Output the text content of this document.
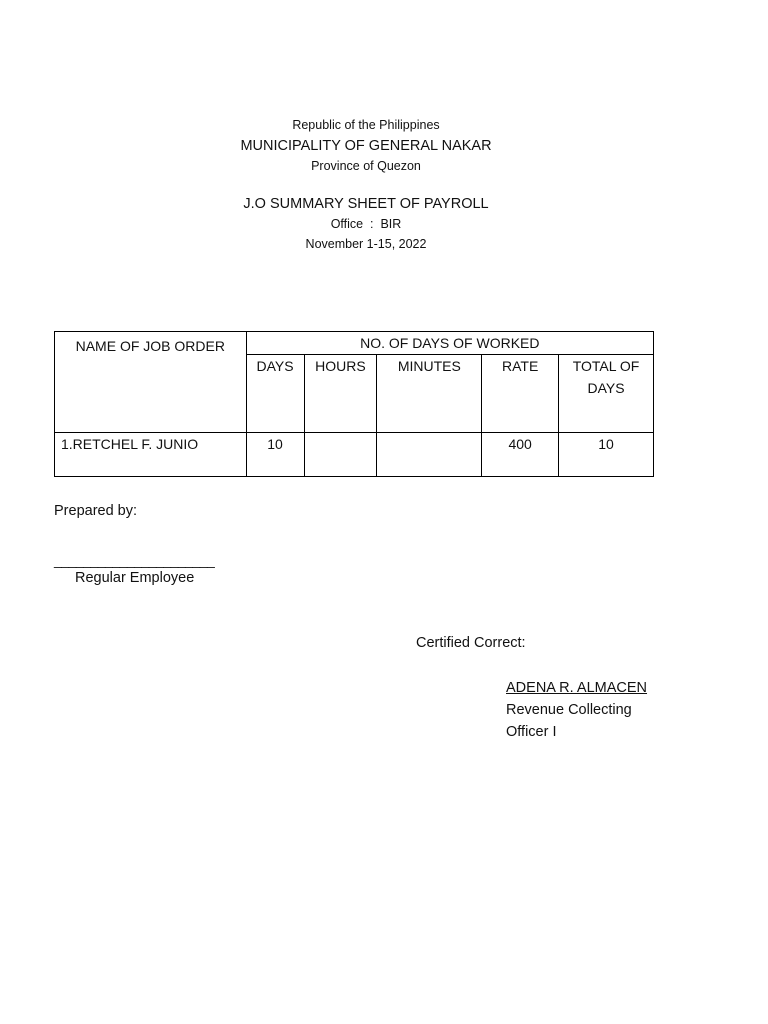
Republic of the Philippines
MUNICIPALITY OF GENERAL NAKAR
Province of Quezon
J.O SUMMARY SHEET OF PAYROLL
Office  :  BIR
November 1-15, 2022
NAME OF JOB ORDER	NO. OF DAYS OF WORKED				

	DAYS	HOURS	MINUTES	RATE	TOTAL OF DAYS

1.RETCHEL F. JUNIO	10			400	10
Prepared by:
______________________
Regular Employee
Certified Correct:
ADENA R. ALMACEN
Revenue Collecting
Officer I
